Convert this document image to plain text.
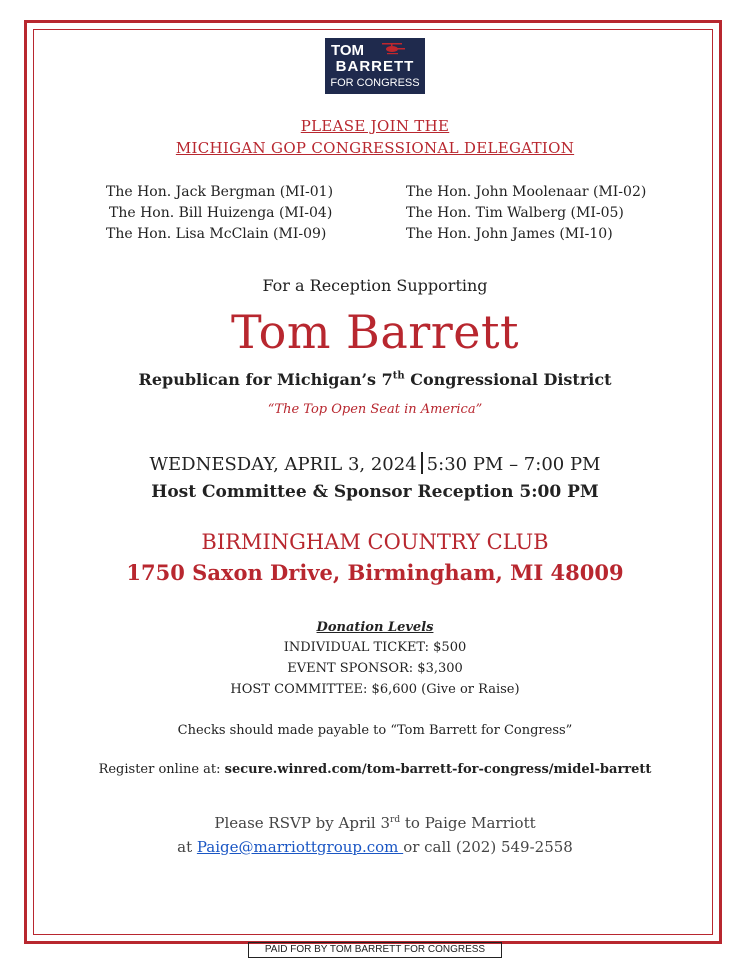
TOM
BARRETT
FOR CONGRESS
PLEASE JOIN THE
MICHIGAN GOP CONGRESSIONAL DELEGATION
The Hon. Jack Bergman (MI-01)
The Hon. Bill Huizenga (MI-04)
The Hon. Lisa McClain (MI-09)
The Hon. John Moolenaar (MI-02)
The Hon. Tim Walberg (MI-05)
The Hon. John James (MI-10)
For a Reception Supporting
Tom Barrett
Republican for Michigan’s 7th Congressional District
“The Top Open Seat in America”
WEDNESDAY, APRIL 3, 2024 5:30 PM – 7:00 PM
Host Committee & Sponsor Reception 5:00 PM
BIRMINGHAM COUNTRY CLUB
1750 Saxon Drive, Birmingham, MI 48009
Donation Levels
INDIVIDUAL TICKET: $500
EVENT SPONSOR: $3,300
HOST COMMITTEE: $6,600 (Give or Raise)
Checks should made payable to “Tom Barrett for Congress”
Register online at: secure.winred.com/tom-barrett-for-congress/midel-barrett
Please RSVP by April 3rd to Paige Marriott
at Paige@marriottgroup.com or call (202) 549-2558
PAID FOR BY TOM BARRETT FOR CONGRESS
